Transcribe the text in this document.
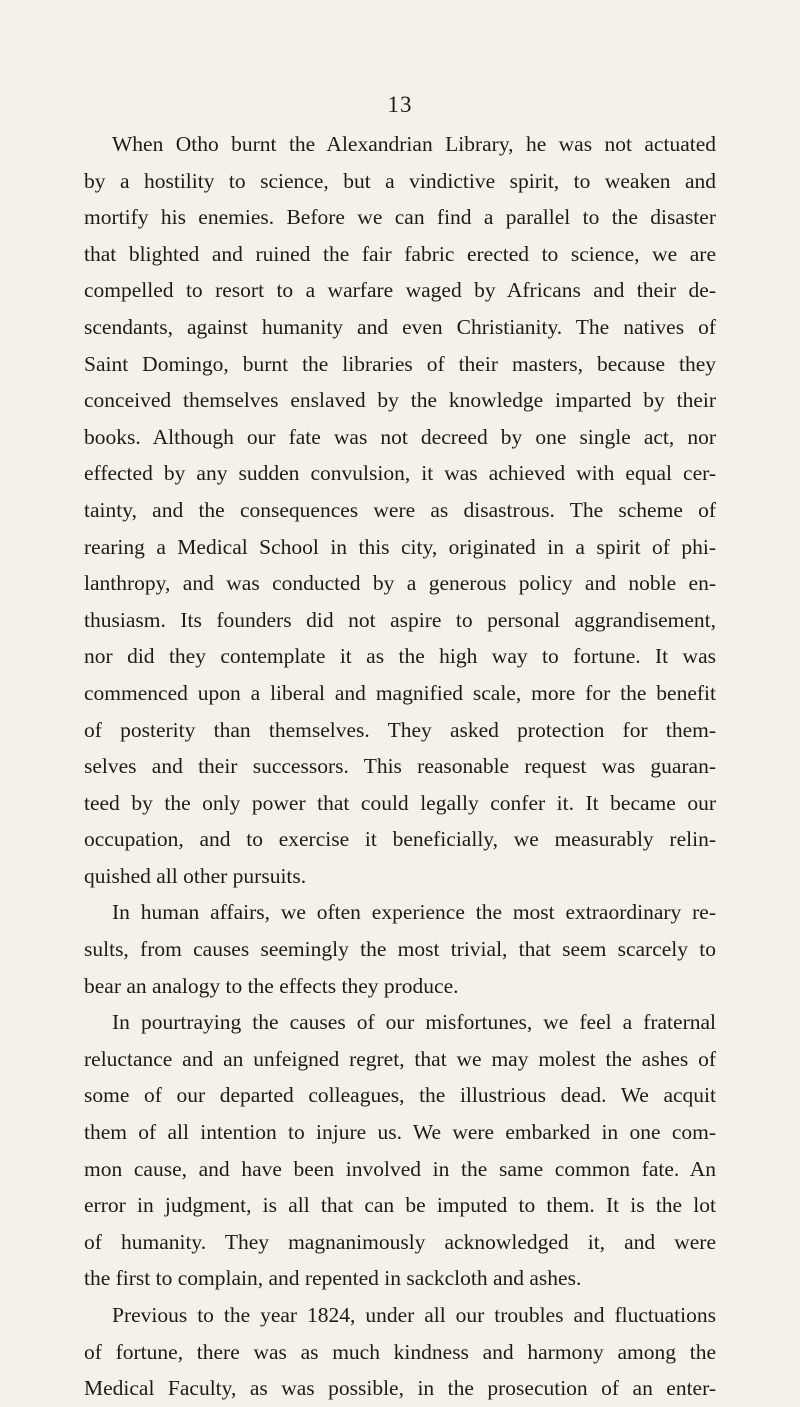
13
When Otho burnt the Alexandrian Library, he was not actuated
by a hostility to science, but a vindictive spirit, to weaken and
mortify his enemies. Before we can find a parallel to the disaster
that blighted and ruined the fair fabric erected to science, we are
compelled to resort to a warfare waged by Africans and their de-
scendants, against humanity and even Christianity. The natives of
Saint Domingo, burnt the libraries of their masters, because they
conceived themselves enslaved by the knowledge imparted by their
books. Although our fate was not decreed by one single act, nor
effected by any sudden convulsion, it was achieved with equal cer-
tainty, and the consequences were as disastrous. The scheme of
rearing a Medical School in this city, originated in a spirit of phi-
lanthropy, and was conducted by a generous policy and noble en-
thusiasm. Its founders did not aspire to personal aggrandisement,
nor did they contemplate it as the high way to fortune. It was
commenced upon a liberal and magnified scale, more for the benefit
of posterity than themselves. They asked protection for them-
selves and their successors. This reasonable request was guaran-
teed by the only power that could legally confer it. It became our
occupation, and to exercise it beneficially, we measurably relin-
quished all other pursuits.
In human affairs, we often experience the most extraordinary re-
sults, from causes seemingly the most trivial, that seem scarcely to
bear an analogy to the effects they produce.
In pourtraying the causes of our misfortunes, we feel a fraternal
reluctance and an unfeigned regret, that we may molest the ashes of
some of our departed colleagues, the illustrious dead. We acquit
them of all intention to injure us. We were embarked in one com-
mon cause, and have been involved in the same common fate. An
error in judgment, is all that can be imputed to them. It is the lot
of humanity. They magnanimously acknowledged it, and were
the first to complain, and repented in sackcloth and ashes.
Previous to the year 1824, under all our troubles and fluctuations
of fortune, there was as much kindness and harmony among the
Medical Faculty, as was possible, in the prosecution of an enter-
